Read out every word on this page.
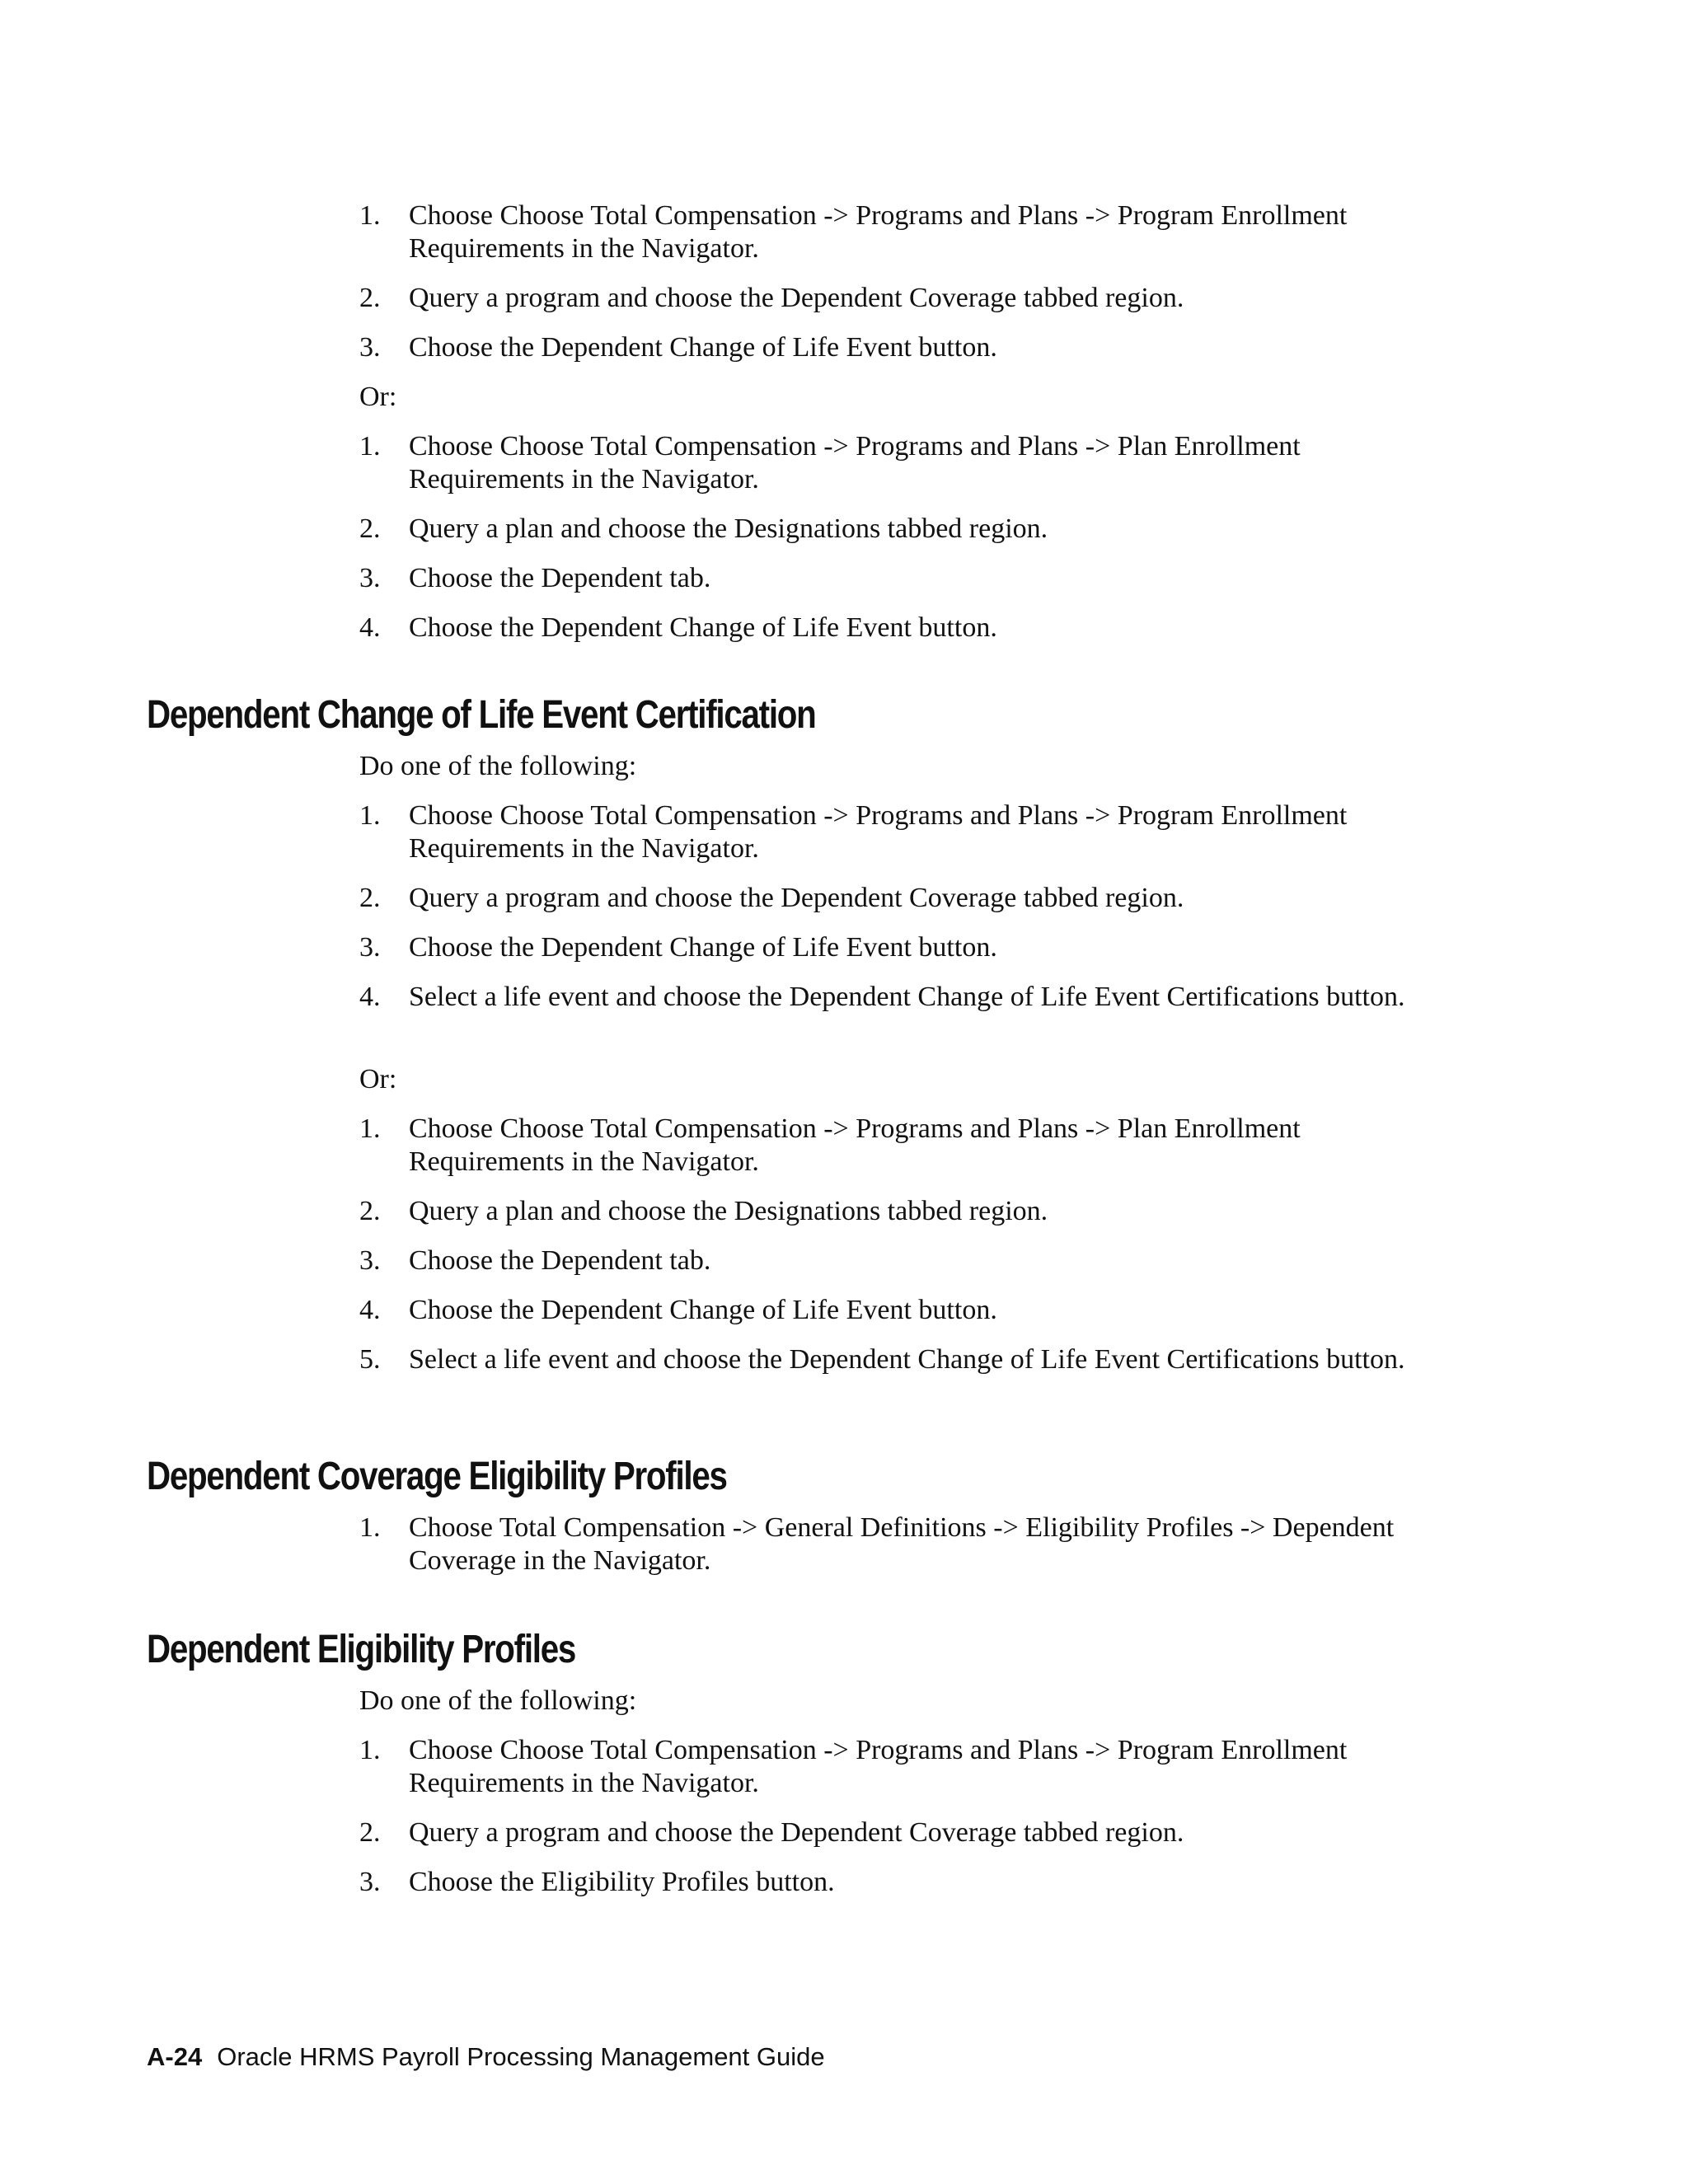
1. Choose Choose Total Compensation -> Programs and Plans -> Program Enrollment Requirements in the Navigator.

2. Query a program and choose the Dependent Coverage tabbed region.

3. Choose the Dependent Change of Life Event button.

Or:

1. Choose Choose Total Compensation -> Programs and Plans -> Plan Enrollment Requirements in the Navigator.

2. Query a plan and choose the Designations tabbed region.

3. Choose the Dependent tab.

4. Choose the Dependent Change of Life Event button.

Dependent Change of Life Event Certification

Do one of the following:

1. Choose Choose Total Compensation -> Programs and Plans -> Program Enrollment Requirements in the Navigator.

2. Query a program and choose the Dependent Coverage tabbed region.

3. Choose the Dependent Change of Life Event button.

4. Select a life event and choose the Dependent Change of Life Event Certifications button.

Or:

1. Choose Choose Total Compensation -> Programs and Plans -> Plan Enrollment Requirements in the Navigator.

2. Query a plan and choose the Designations tabbed region.

3. Choose the Dependent tab.

4. Choose the Dependent Change of Life Event button.

5. Select a life event and choose the Dependent Change of Life Event Certifications button.

Dependent Coverage Eligibility Profiles

1. Choose Total Compensation -> General Definitions -> Eligibility Profiles -> Dependent Coverage in the Navigator.

Dependent Eligibility Profiles

Do one of the following:

1. Choose Choose Total Compensation -> Programs and Plans -> Program Enrollment Requirements in the Navigator.

2. Query a program and choose the Dependent Coverage tabbed region.

3. Choose the Eligibility Profiles button.

A-24 Oracle HRMS Payroll Processing Management Guide
